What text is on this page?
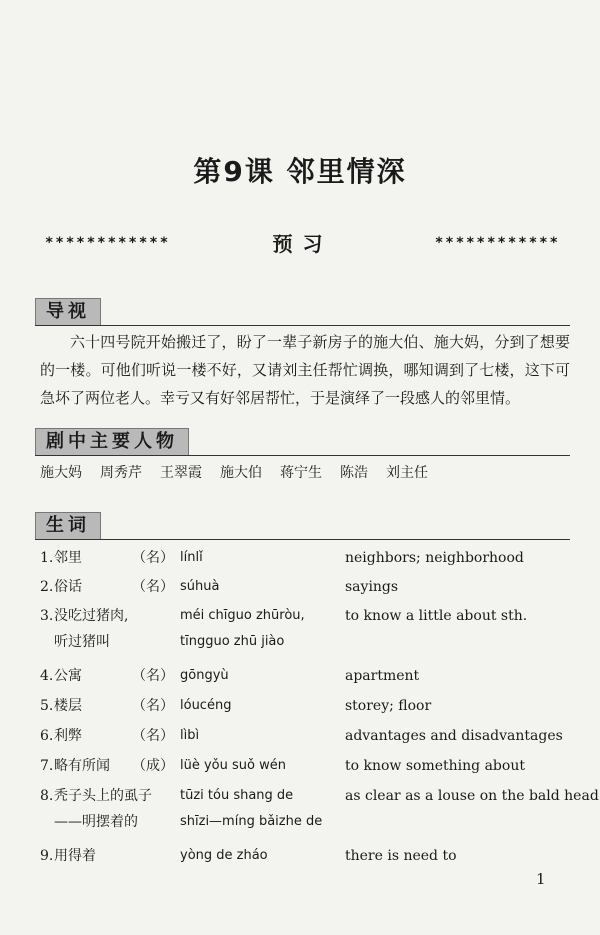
第9课 邻里情深
************	预习	************
导视
六十四号院开始搬迁了，盼了一辈子新房子的施大伯、施大妈，分到了想要的一楼。可他们听说一楼不好，又请刘主任帮忙调换，哪知调到了七楼，这下可急坏了两位老人。幸亏又有好邻居帮忙，于是演绎了一段感人的邻里情。
剧中主要人物
施大妈 周秀芹 王翠霞 施大伯 蒋宁生 陈浩 刘主任
生词
1. 邻里	（名） línlǐ	neighbors; neighborhood
2. 俗话	（名） súhuà	sayings
3. 没吃过猪肉,	méi chīguo zhūròu,	to know a little about sth.
听过猪叫	tīngguo zhū jiào
4. 公寓	（名） gōngyù	apartment
5. 楼层	（名） lóucéng	storey; floor
6. 利弊	（名） lìbì	advantages and disadvantages
7. 略有所闻 （成） lüè yǒu suǒ wén	to know something about
8. 秃子头上的虱子 tūzi tóu shang de	as clear as a louse on the bald head
——明摆着的	shīzi—míng bǎizhe de
9. 用得着	yòng de zháo	there is need to
1
